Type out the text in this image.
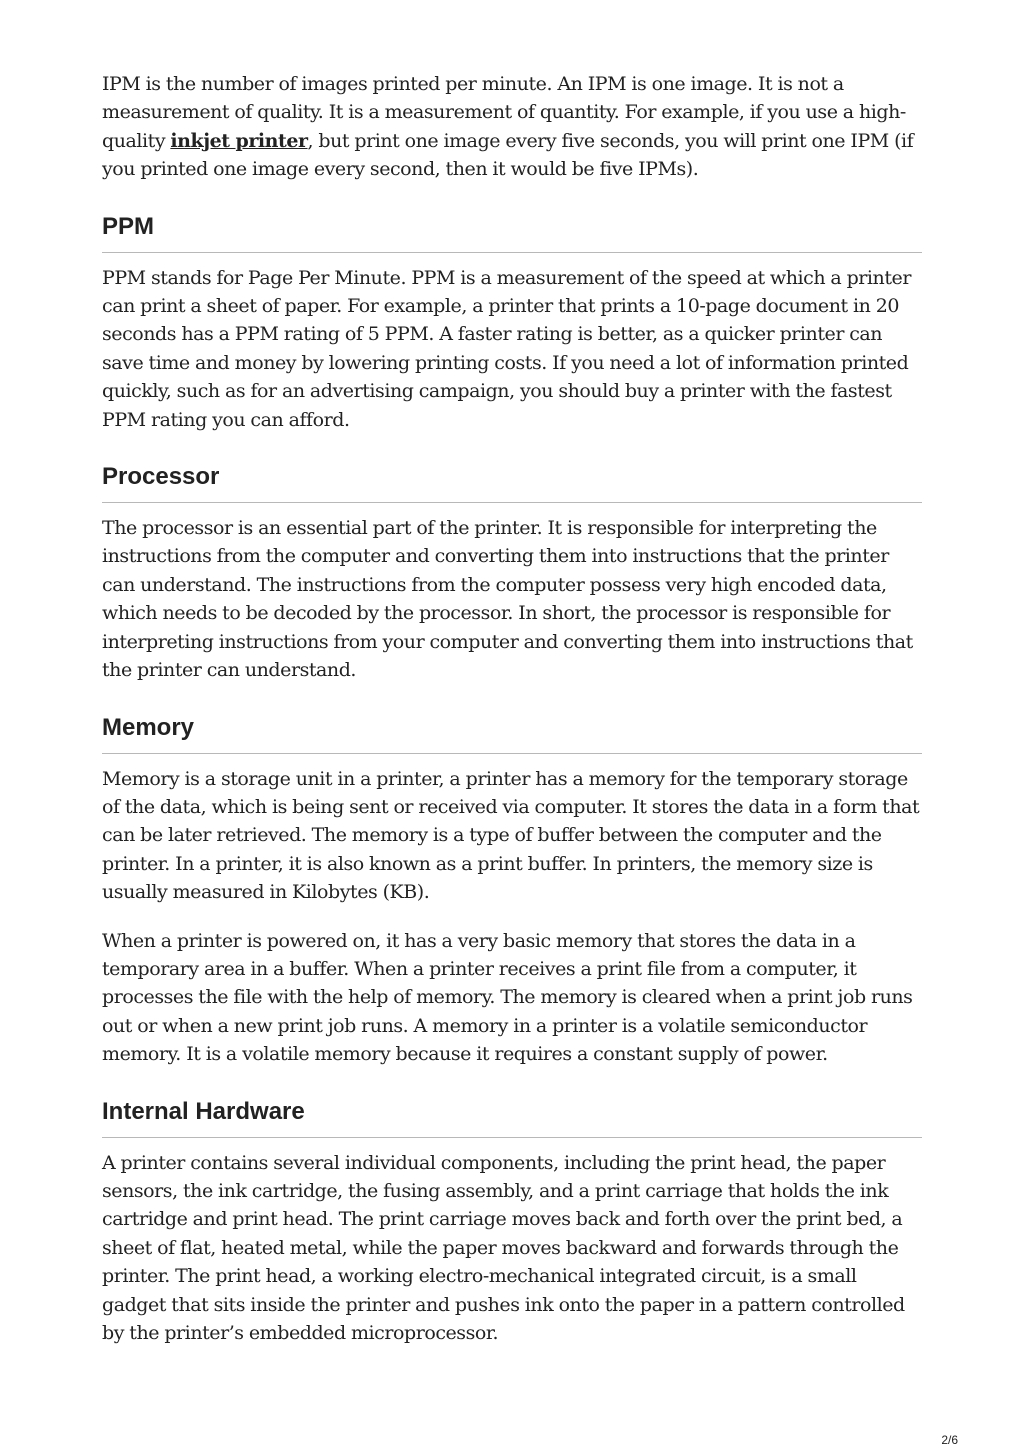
IPM is the number of images printed per minute. An IPM is one image. It is not a measurement of quality. It is a measurement of quantity. For example, if you use a high-quality inkjet printer, but print one image every five seconds, you will print one IPM (if you printed one image every second, then it would be five IPMs).

PPM

PPM stands for Page Per Minute. PPM is a measurement of the speed at which a printer can print a sheet of paper. For example, a printer that prints a 10-page document in 20 seconds has a PPM rating of 5 PPM. A faster rating is better, as a quicker printer can save time and money by lowering printing costs. If you need a lot of information printed quickly, such as for an advertising campaign, you should buy a printer with the fastest PPM rating you can afford.

Processor

The processor is an essential part of the printer. It is responsible for interpreting the instructions from the computer and converting them into instructions that the printer can understand. The instructions from the computer possess very high encoded data, which needs to be decoded by the processor. In short, the processor is responsible for interpreting instructions from your computer and converting them into instructions that the printer can understand.

Memory

Memory is a storage unit in a printer, a printer has a memory for the temporary storage of the data, which is being sent or received via computer. It stores the data in a form that can be later retrieved. The memory is a type of buffer between the computer and the printer. In a printer, it is also known as a print buffer. In printers, the memory size is usually measured in Kilobytes (KB).

When a printer is powered on, it has a very basic memory that stores the data in a temporary area in a buffer. When a printer receives a print file from a computer, it processes the file with the help of memory. The memory is cleared when a print job runs out or when a new print job runs. A memory in a printer is a volatile semiconductor memory. It is a volatile memory because it requires a constant supply of power.

Internal Hardware

A printer contains several individual components, including the print head, the paper sensors, the ink cartridge, the fusing assembly, and a print carriage that holds the ink cartridge and print head. The print carriage moves back and forth over the print bed, a sheet of flat, heated metal, while the paper moves backward and forwards through the printer. The print head, a working electro-mechanical integrated circuit, is a small gadget that sits inside the printer and pushes ink onto the paper in a pattern controlled by the printer’s embedded microprocessor.

2/6
